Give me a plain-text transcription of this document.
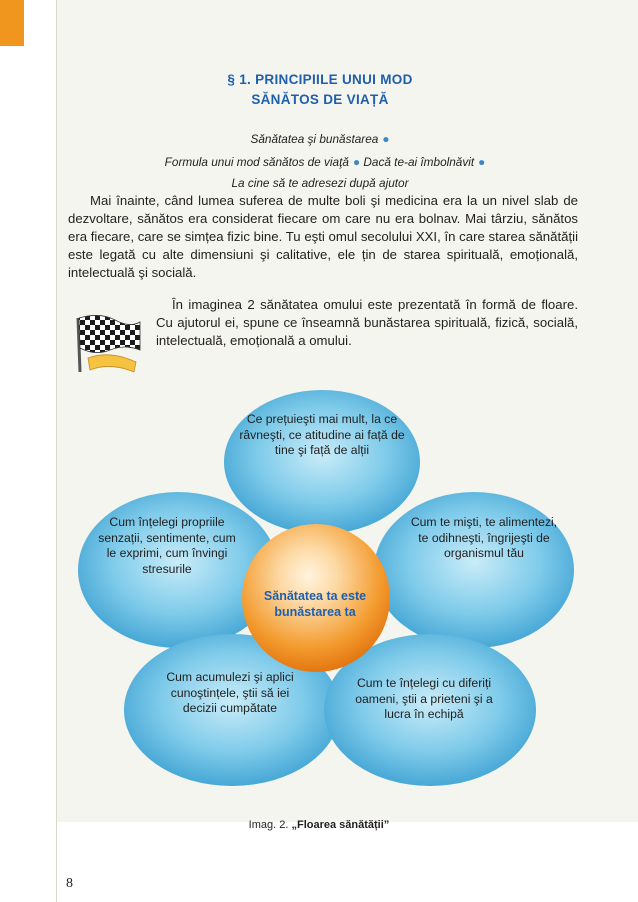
§ 1. PRINCIPIILE UNUI MOD
SĂNĂTOS DE VIAȚĂ
Sănătatea şi bunăstarea ●
Formula unui mod sănătos de viaţă ● Dacă te-ai îmbolnăvit ●
La cine să te adresezi după ajutor
Mai înainte, când lumea suferea de multe boli şi medicina era la un nivel slab de dezvoltare, sănătos era considerat fiecare om care nu era bolnav. Mai târziu, sănătos era fiecare, care se simțea fizic bine. Tu eşti omul secolului XXI, în care starea sănătății este legată cu alte dimensiuni şi calitative, ele țin de starea spirituală, emoțională, intelectuală şi socială.
În imaginea 2 sănătatea omului este prezentată în formă de floare. Cu ajutorul ei, spune ce înseamnă bunăstarea spirituală, fizică, socială, intelectuală, emoțională a omului.
Ce prețuieşti mai mult, la ce râvneşti, ce atitudine ai față de tine şi față de alții
Cum înțelegi propriile senzații, sentimente, cum le exprimi, cum învingi stresurile
Cum te mişti, te alimentezi, te odihneşti, îngrijeşti de organismul tău
Cum acumulezi şi aplici cunoştințele, ştii să iei decizii cumpătate
Cum te înțelegi cu diferiți oameni, ştii a prieteni şi a lucra în echipă
Sănătatea ta este bunăstarea ta
Imag. 2. „Floarea sănătății”
8
